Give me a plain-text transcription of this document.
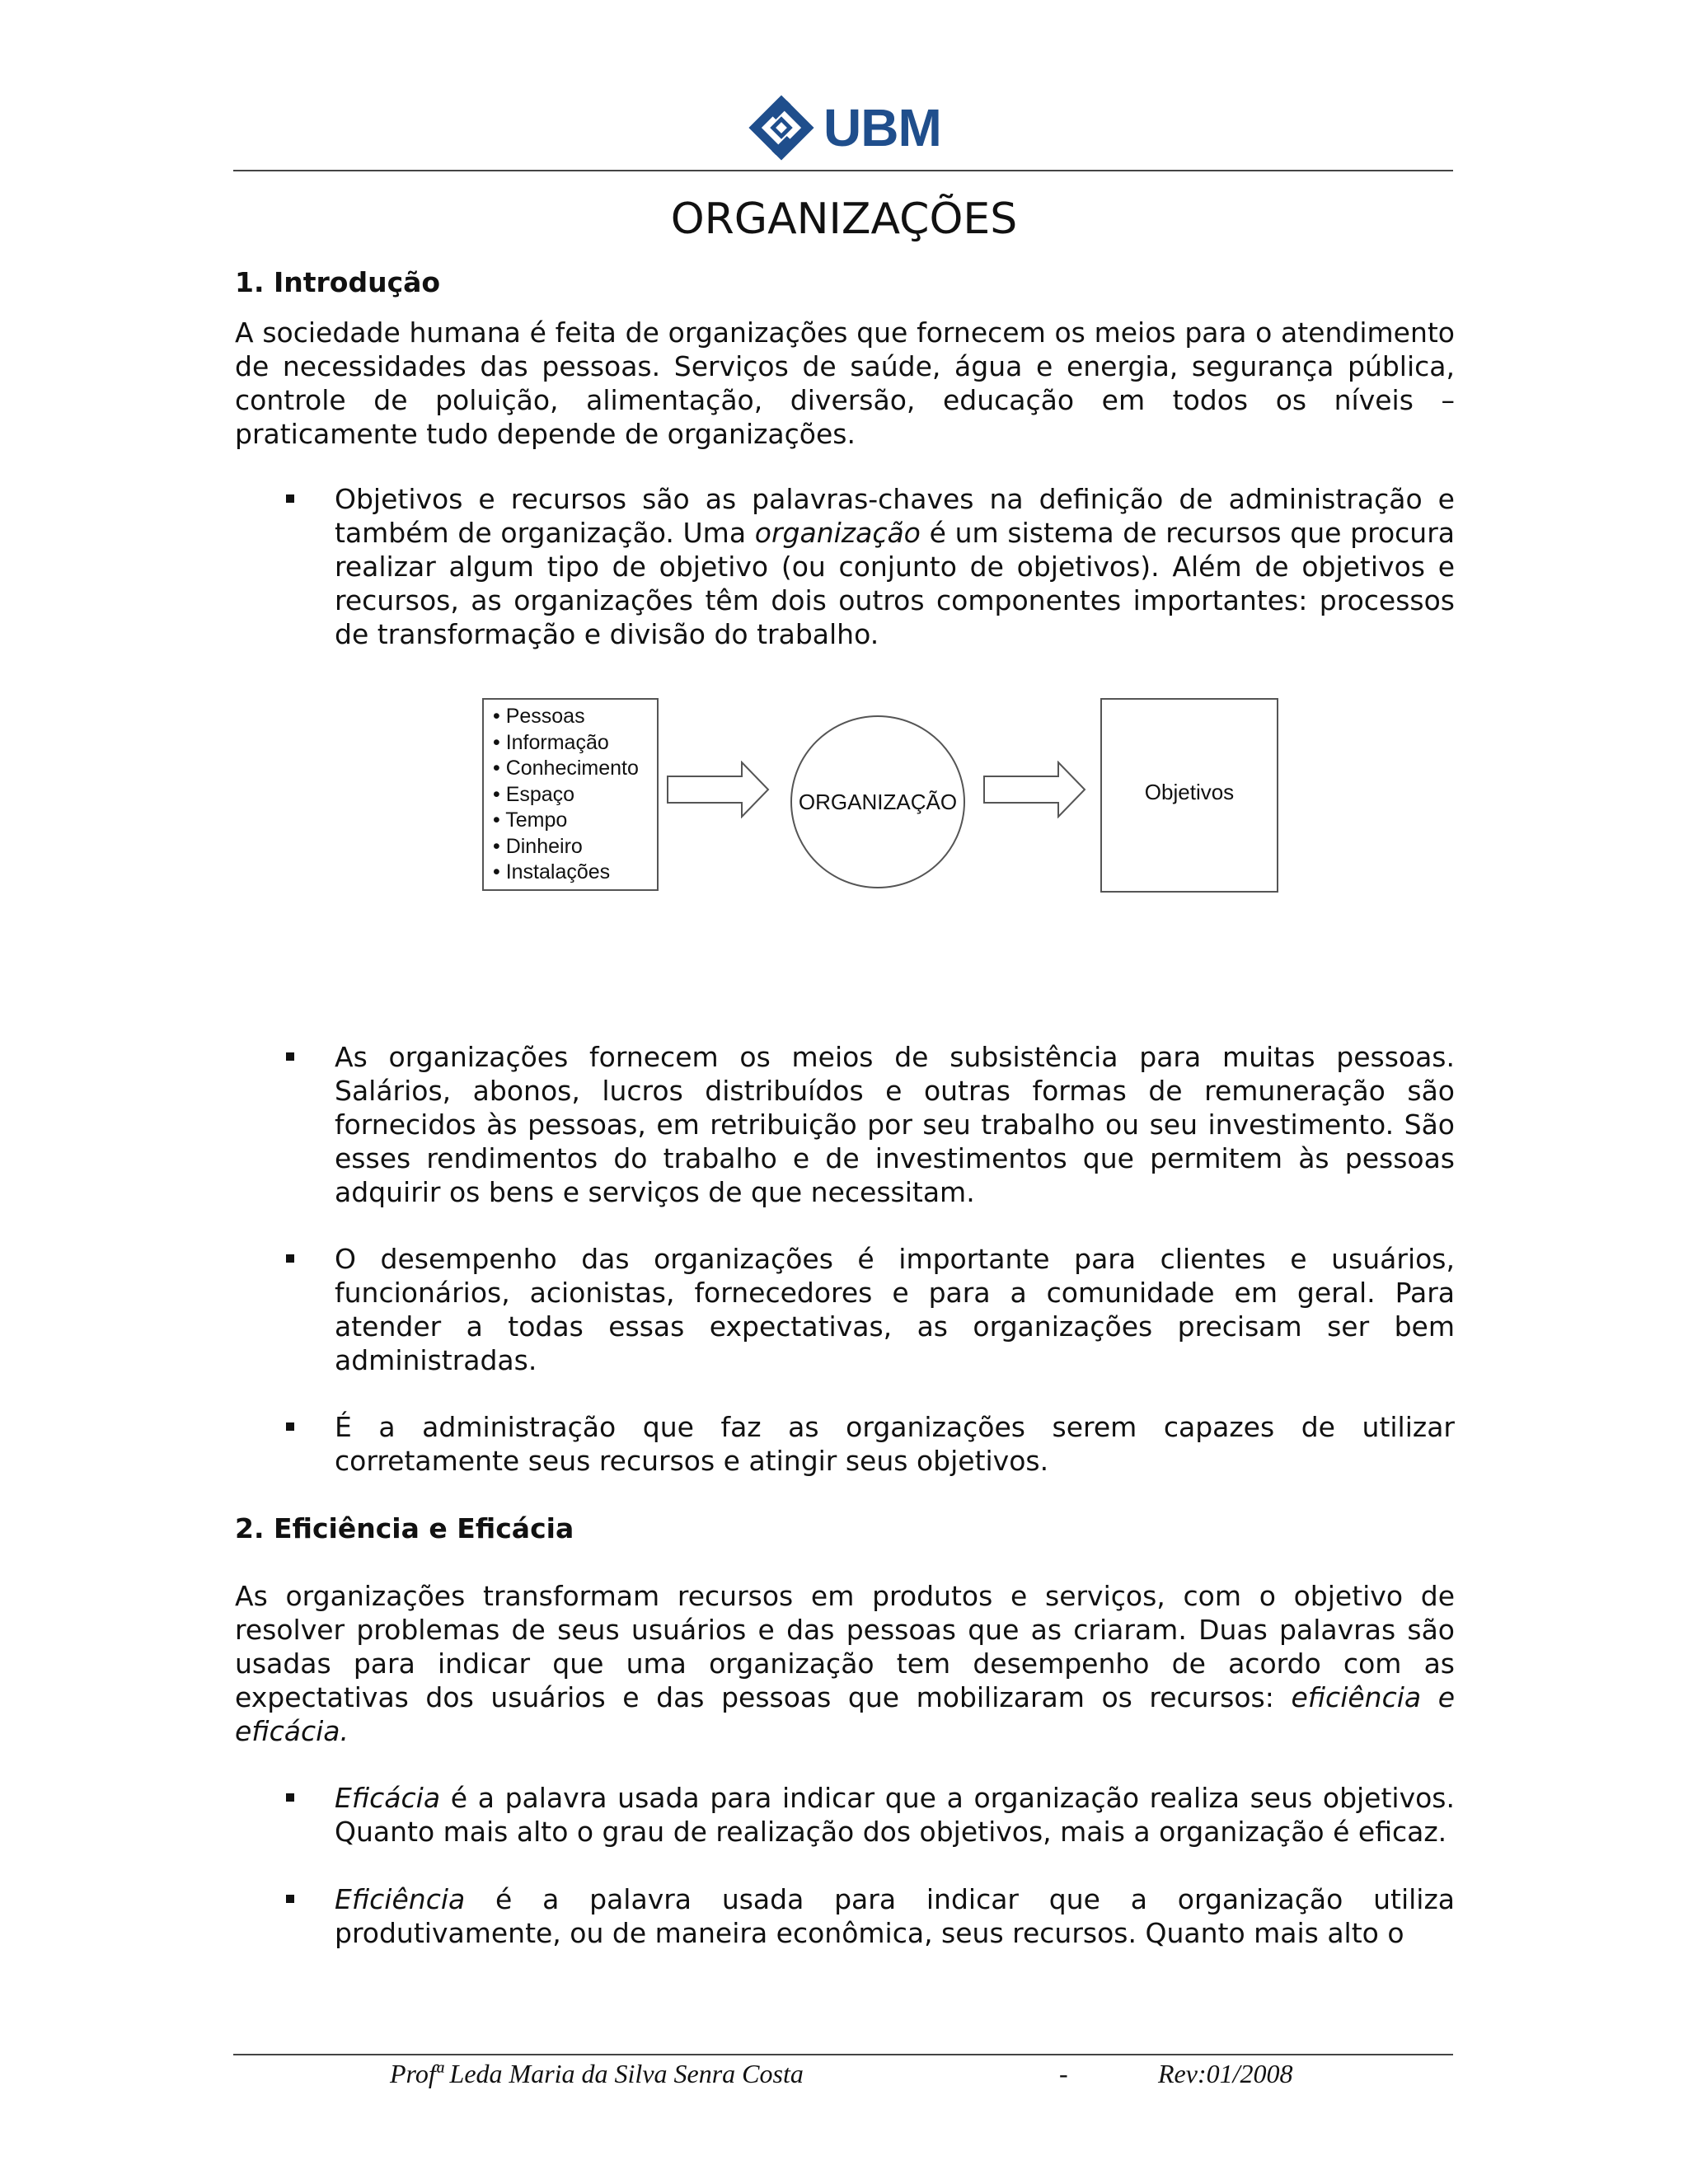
UBM
ORGANIZAÇÕES
1. Introdução

A sociedade humana é feita de organizações que fornecem os meios para o atendimento de necessidades das pessoas. Serviços de saúde, água e energia, segurança pública, controle de poluição, alimentação, diversão, educação em todos os níveis – praticamente tudo depende de organizações.

Objetivos e recursos são as palavras-chaves na definição de administração e também de organização. Uma organização é um sistema de recursos que procura realizar algum tipo de objetivo (ou conjunto de objetivos). Além de objetivos e recursos, as organizações têm dois outros componentes importantes: processos de transformação e divisão do trabalho.

• Pessoas
• Informação
• Conhecimento
• Espaço
• Tempo
• Dinheiro
• Instalações
ORGANIZAÇÃO	Objetivos

As organizações fornecem os meios de subsistência para muitas pessoas. Salários, abonos, lucros distribuídos e outras formas de remuneração são fornecidos às pessoas, em retribuição por seu trabalho ou seu investimento. São esses rendimentos do trabalho e de investimentos que permitem às pessoas adquirir os bens e serviços de que necessitam.

O desempenho das organizações é importante para clientes e usuários, funcionários, acionistas, fornecedores e para a comunidade em geral. Para atender a todas essas expectativas, as organizações precisam ser bem administradas.

É a administração que faz as organizações serem capazes de utilizar corretamente seus recursos e atingir seus objetivos.

2. Eficiência e Eficácia

As organizações transformam recursos em produtos e serviços, com o objetivo de resolver problemas de seus usuários e das pessoas que as criaram. Duas palavras são usadas para indicar que uma organização tem desempenho de acordo com as expectativas dos usuários e das pessoas que mobilizaram os recursos: eficiência e eficácia.

Eficácia é a palavra usada para indicar que a organização realiza seus objetivos. Quanto mais alto o grau de realização dos objetivos, mais a organização é eficaz.

Eficiência é a palavra usada para indicar que a organização utiliza produtivamente, ou de maneira econômica, seus recursos. Quanto mais alto o

Profª Leda Maria da Silva Senra Costa	-	Rev:01/2008
